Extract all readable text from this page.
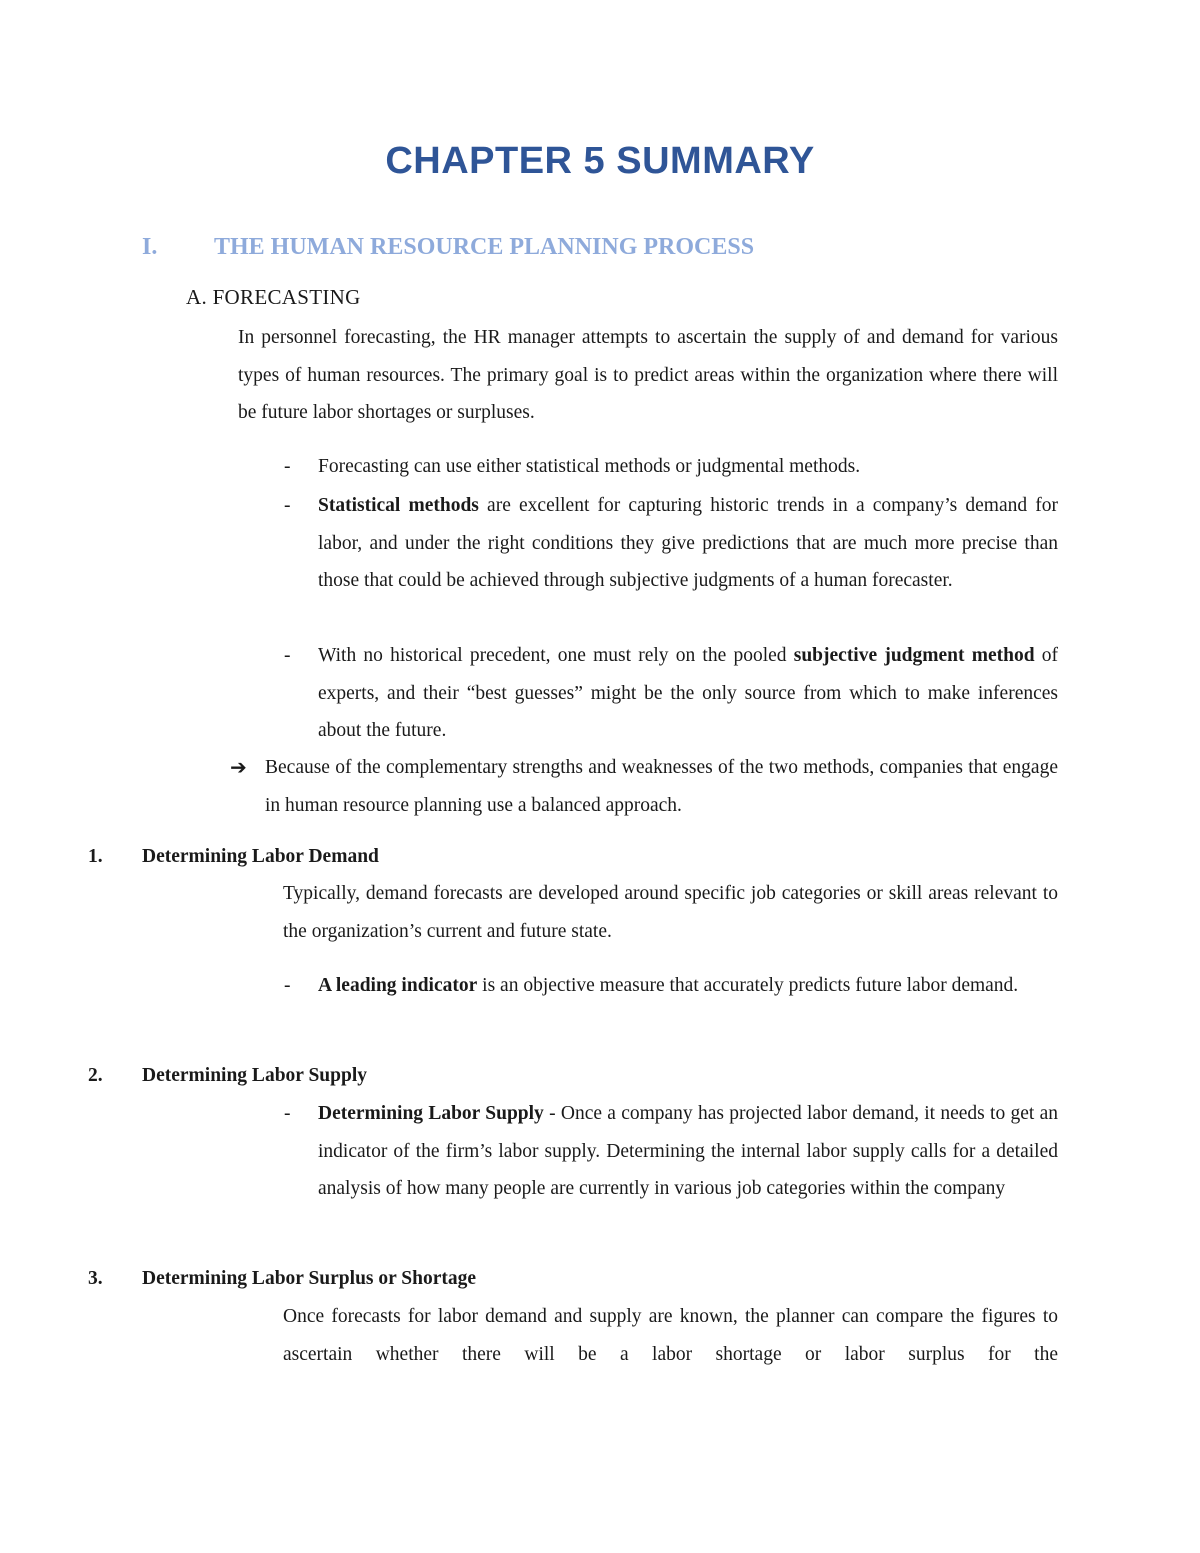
CHAPTER 5 SUMMARY
I. THE HUMAN RESOURCE PLANNING PROCESS
A. FORECASTING

In personnel forecasting, the HR manager attempts to ascertain the supply of and demand for various types of human resources. The primary goal is to predict areas within the organization where there will be future labor shortages or surpluses.

- Forecasting can use either statistical methods or judgmental methods.
- Statistical methods are excellent for capturing historic trends in a company’s demand for labor, and under the right conditions they give predictions that are much more precise than those that could be achieved through subjective judgments of a human forecaster.
- With no historical precedent, one must rely on the pooled subjective judgment method of experts, and their “best guesses” might be the only source from which to make inferences about the future.
➔ Because of the complementary strengths and weaknesses of the two methods, companies that engage in human resource planning use a balanced approach.
1. Determining Labor Demand

Typically, demand forecasts are developed around specific job categories or skill areas relevant to the organization’s current and future state.

- A leading indicator is an objective measure that accurately predicts future labor demand.
2. Determining Labor Supply
- Determining Labor Supply - Once a company has projected labor demand, it needs to get an indicator of the firm’s labor supply. Determining the internal labor supply calls for a detailed analysis of how many people are currently in various job categories within the company
3. Determining Labor Surplus or Shortage

Once forecasts for labor demand and supply are known, the planner can compare the figures to ascertain whether there will be a labor shortage or labor surplus for the
